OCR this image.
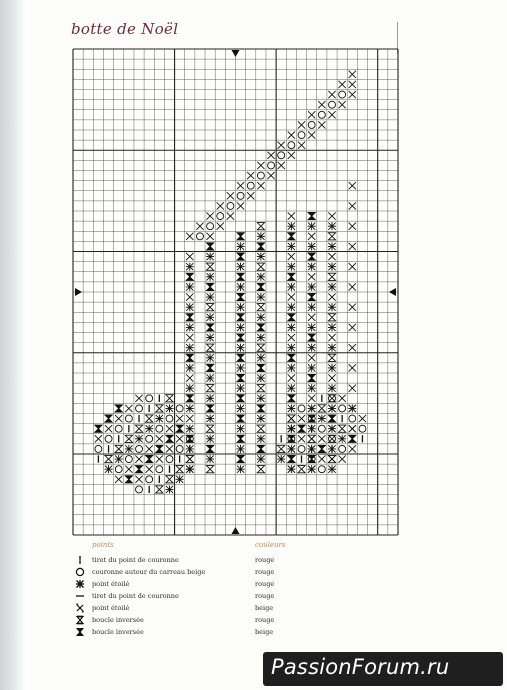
botte de Noël
points	couleurs
tiret du point de couronne	rouge
couronne autour du carreau beige	rouge
point étoilé	rouge
tiret du point de couronne	rouge
point étoilé	beige
boucle inversée	rouge
boucle inversée	beige
PassionForum.ru
